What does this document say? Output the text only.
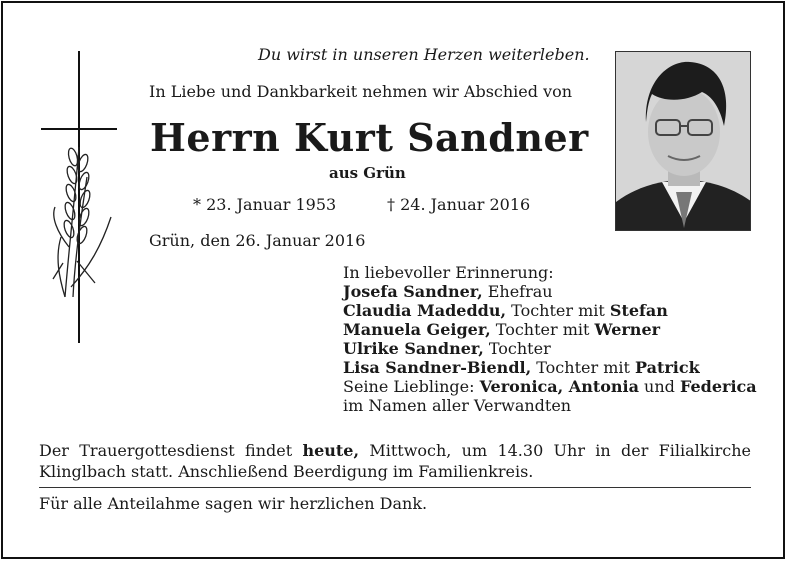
Du wirst in unseren Herzen weiterleben.
In Liebe und Dankbarkeit nehmen wir Abschied von
Herrn Kurt Sandner
aus Grün
* 23. Januar 1953	† 24. Januar 2016
Grün, den 26. Januar 2016
In liebevoller Erinnerung:
Josefa Sandner, Ehefrau
Claudia Madeddu, Tochter mit Stefan
Manuela Geiger, Tochter mit Werner
Ulrike Sandner, Tochter
Lisa Sandner-Biendl, Tochter mit Patrick
Seine Lieblinge: Veronica, Antonia und Federica
im Namen aller Verwandten
Der Trauergottesdienst findet heute, Mittwoch, um 14.30 Uhr in der Filialkirche Klinglbach statt. Anschließend Beerdigung im Familienkreis.
Für alle Anteilahme sagen wir herzlichen Dank.
